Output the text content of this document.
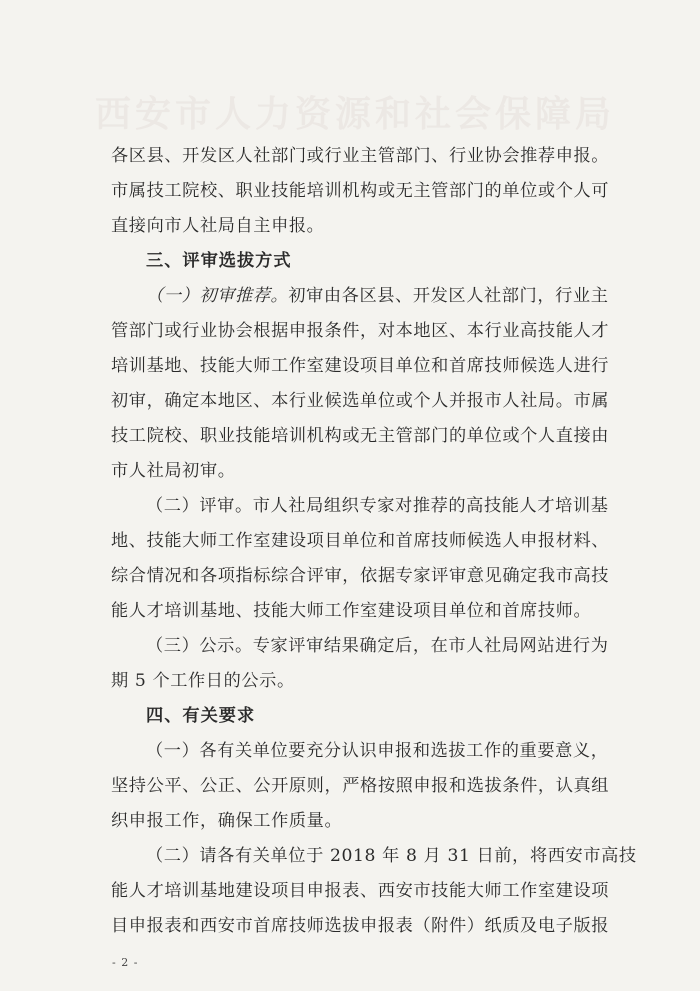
西安市人力资源和社会保障局
各区县、开发区人社部门或行业主管部门、行业协会推荐申报。
市属技工院校、职业技能培训机构或无主管部门的单位或个人可
直接向市人社局自主申报。
三、评审选拔方式
（一）初审推荐。初审由各区县、开发区人社部门，行业主
管部门或行业协会根据申报条件，对本地区、本行业高技能人才
培训基地、技能大师工作室建设项目单位和首席技师候选人进行
初审，确定本地区、本行业候选单位或个人并报市人社局。市属
技工院校、职业技能培训机构或无主管部门的单位或个人直接由
市人社局初审。
（二）评审。市人社局组织专家对推荐的高技能人才培训基
地、技能大师工作室建设项目单位和首席技师候选人申报材料、
综合情况和各项指标综合评审，依据专家评审意见确定我市高技
能人才培训基地、技能大师工作室建设项目单位和首席技师。
（三）公示。专家评审结果确定后，在市人社局网站进行为
期 5 个工作日的公示。
四、有关要求
（一）各有关单位要充分认识申报和选拔工作的重要意义，
坚持公平、公正、公开原则，严格按照申报和选拔条件，认真组
织申报工作，确保工作质量。
（二）请各有关单位于 2018 年 8 月 31 日前，将西安市高技
能人才培训基地建设项目申报表、西安市技能大师工作室建设项
目申报表和西安市首席技师选拔申报表（附件）纸质及电子版报
- 2 -
